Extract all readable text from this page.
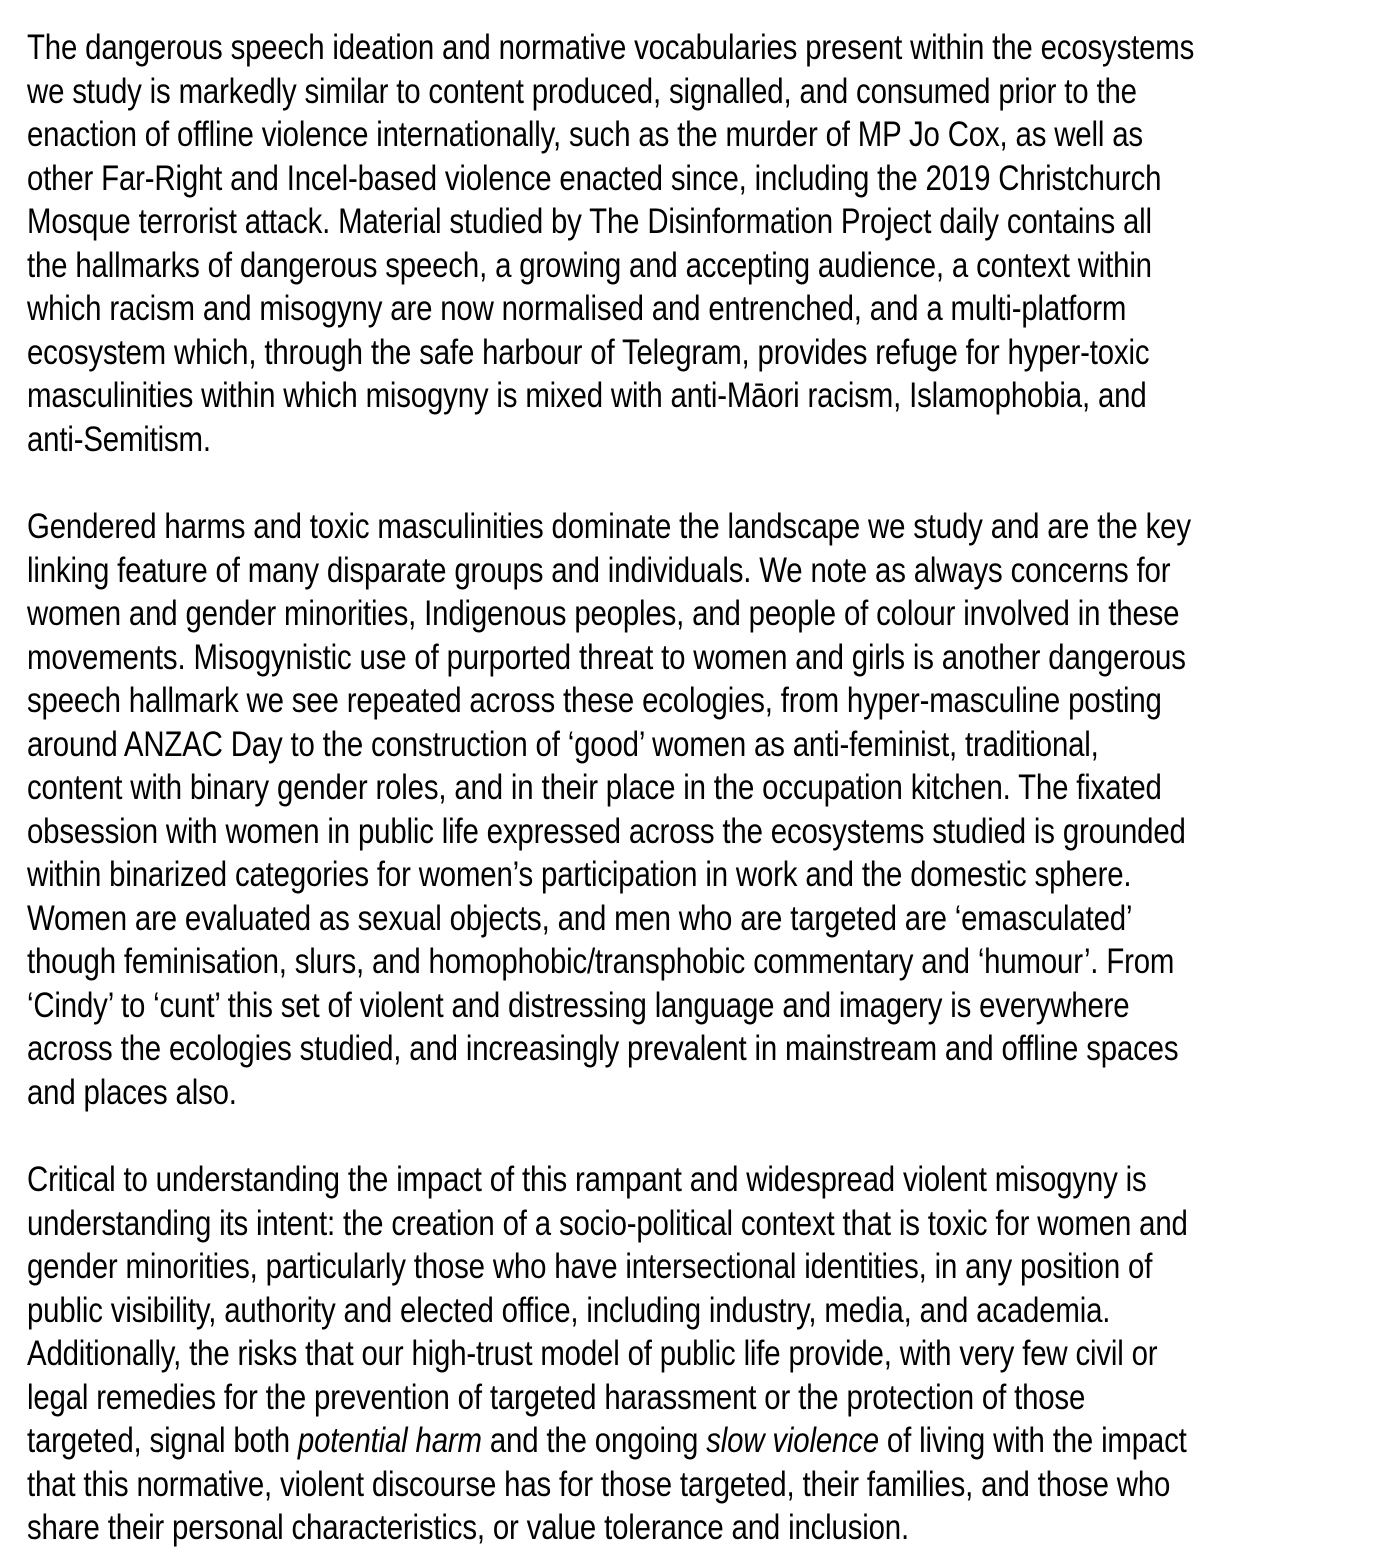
The dangerous speech ideation and normative vocabularies present within the ecosystems
we study is markedly similar to content produced, signalled, and consumed prior to the
enaction of offline violence internationally, such as the murder of MP Jo Cox, as well as
other Far-Right and Incel-based violence enacted since, including the 2019 Christchurch
Mosque terrorist attack. Material studied by The Disinformation Project daily contains all
the hallmarks of dangerous speech, a growing and accepting audience, a context within
which racism and misogyny are now normalised and entrenched, and a multi-platform
ecosystem which, through the safe harbour of Telegram, provides refuge for hyper-toxic
masculinities within which misogyny is mixed with anti-Māori racism, Islamophobia, and
anti-Semitism.
Gendered harms and toxic masculinities dominate the landscape we study and are the key
linking feature of many disparate groups and individuals. We note as always concerns for
women and gender minorities, Indigenous peoples, and people of colour involved in these
movements. Misogynistic use of purported threat to women and girls is another dangerous
speech hallmark we see repeated across these ecologies, from hyper-masculine posting
around ANZAC Day to the construction of ‘good’ women as anti-feminist, traditional,
content with binary gender roles, and in their place in the occupation kitchen. The fixated
obsession with women in public life expressed across the ecosystems studied is grounded
within binarized categories for women’s participation in work and the domestic sphere.
Women are evaluated as sexual objects, and men who are targeted are ‘emasculated’
though feminisation, slurs, and homophobic/transphobic commentary and ‘humour’. From
‘Cindy’ to ‘cunt’ this set of violent and distressing language and imagery is everywhere
across the ecologies studied, and increasingly prevalent in mainstream and offline spaces
and places also.
Critical to understanding the impact of this rampant and widespread violent misogyny is
understanding its intent: the creation of a socio-political context that is toxic for women and
gender minorities, particularly those who have intersectional identities, in any position of
public visibility, authority and elected office, including industry, media, and academia.
Additionally, the risks that our high-trust model of public life provide, with very few civil or
legal remedies for the prevention of targeted harassment or the protection of those
targeted, signal both potential harm and the ongoing slow violence of living with the impact
that this normative, violent discourse has for those targeted, their families, and those who
share their personal characteristics, or value tolerance and inclusion.
